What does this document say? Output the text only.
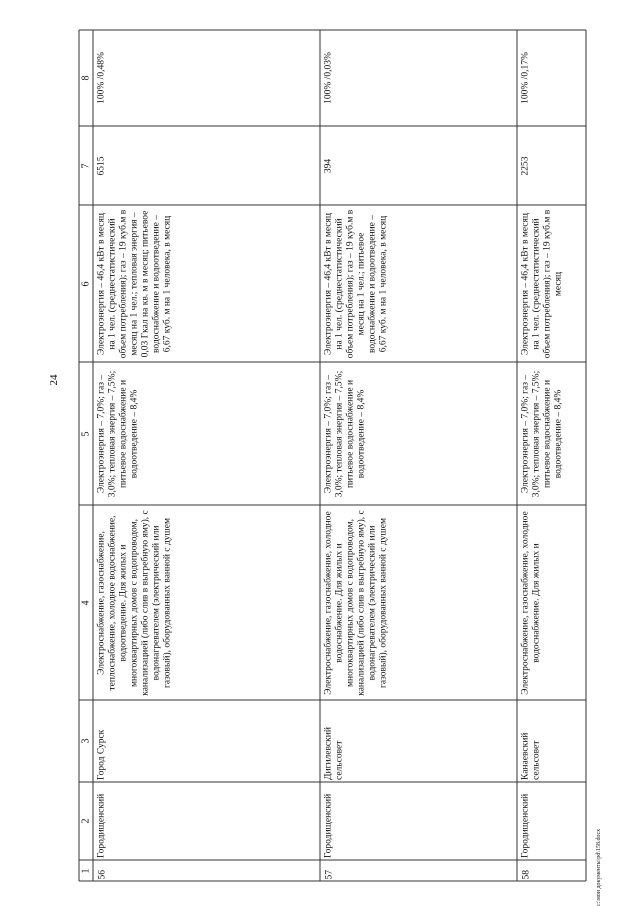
24
c:\мои документы\pd\158.docx
1
2
3
4
5
6
7
8
56
Городищенский
Город Сурск
Электроснабжение, газоснабжение, теплоснабжение, холодное водоснабжение, водоотведение. Для жилых и многоквартирных домов с водопроводом, канализацией (либо слив в выгребную яму), с водонагревателем (электрический или газовый), оборудованных ванной с душем
Электроэнергия – 7,0%; газ – 3,0%; тепловая энергия – 7,5%; питьевое водоснабжение и водоотведение – 8,4%
Электроэнергия – 46,4 кВт в месяц на 1 чел. (среднестатистический объем потребления); газ – 19 куб.м в месяц на 1 чел.; тепловая энергия – 0,03 Гкал на кв. м в месяц; питьевое водоснабжение и водоотведение – 6,67 куб. м на 1 человека, в месяц
6515
100% /0,48%
57
Городищенский
Дигилевский сельсовет
Электроснабжение, газоснабжение, холодное водоснабжение. Для жилых и многоквартирных домов с водопроводом, канализацией (либо слив в выгребную яму), с водонагревателем (электрический или газовый), оборудованных ванной с душем
Электроэнергия – 7,0%; газ – 3,0%; тепловая энергия – 7,5%; питьевое водоснабжение и водоотведение – 8,4%
Электроэнергия – 46,4 кВт в месяц на 1 чел. (среднестатистический объем потребления); газ – 19 куб.м в месяц на 1 чел.; питьевое водоснабжение и водоотведение – 6,67 куб. м на 1 человека, в месяц
394
100% /0,03%
58
Городищенский
Канаевский сельсовет
Электроснабжение, газоснабжение, холодное водоснабжение. Для жилых и
Электроэнергия – 7,0%; газ – 3,0%; тепловая энергия – 7,5%; питьевое водоснабжение и водоотведение – 8,4%
Электроэнергия – 46,4 кВт в месяц на 1 чел. (среднестатистический объем потребления); газ – 19 куб.м в месяц
2253
100% /0,17%
